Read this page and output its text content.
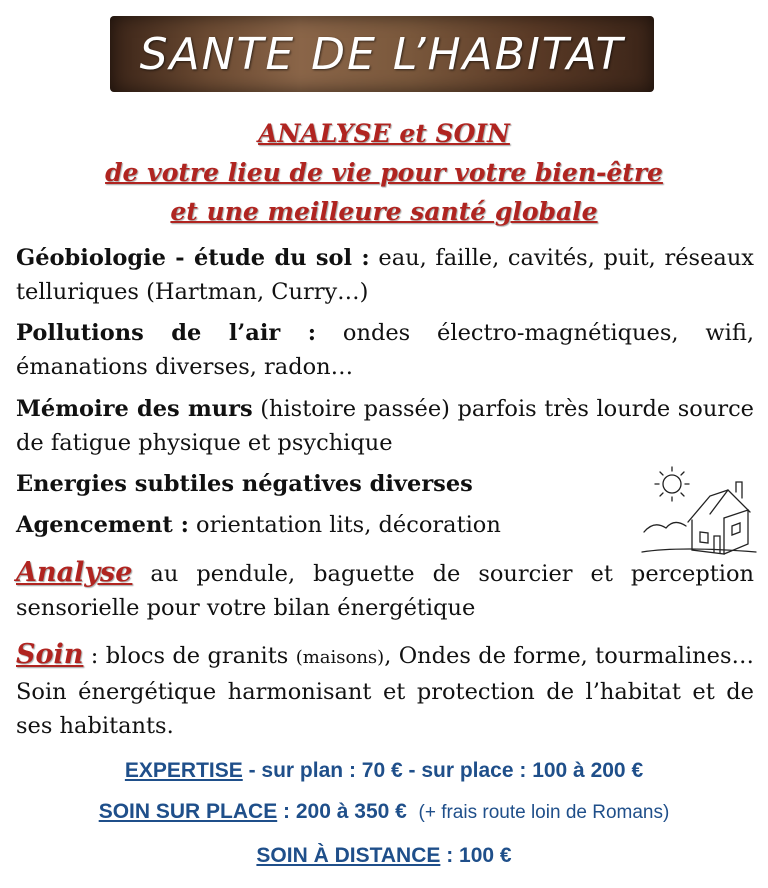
SANTE DE L’HABITAT
ANALYSE et SOIN
de votre lieu de vie pour votre bien-être
et une meilleure santé globale
Géobiologie - étude du sol : eau, faille, cavités, puit, réseaux telluriques (Hartman, Curry…)
Pollutions de l’air : ondes électro-magnétiques, wifi, émanations diverses, radon…
Mémoire des murs (histoire passée) parfois très lourde source de fatigue physique et psychique
Energies subtiles négatives diverses
Agencement : orientation lits, décoration
Analyse au pendule, baguette de sourcier et perception sensorielle pour votre bilan énergétique
Soin : blocs de granits (maisons), Ondes de forme, tourmalines… Soin énergétique harmonisant et protection de l’habitat et de ses habitants.
EXPERTISE - sur plan : 70 € - sur place : 100 à 200 €
SOIN SUR PLACE : 200 à 350 € (+ frais route loin de Romans)
SOIN À DISTANCE : 100 €
